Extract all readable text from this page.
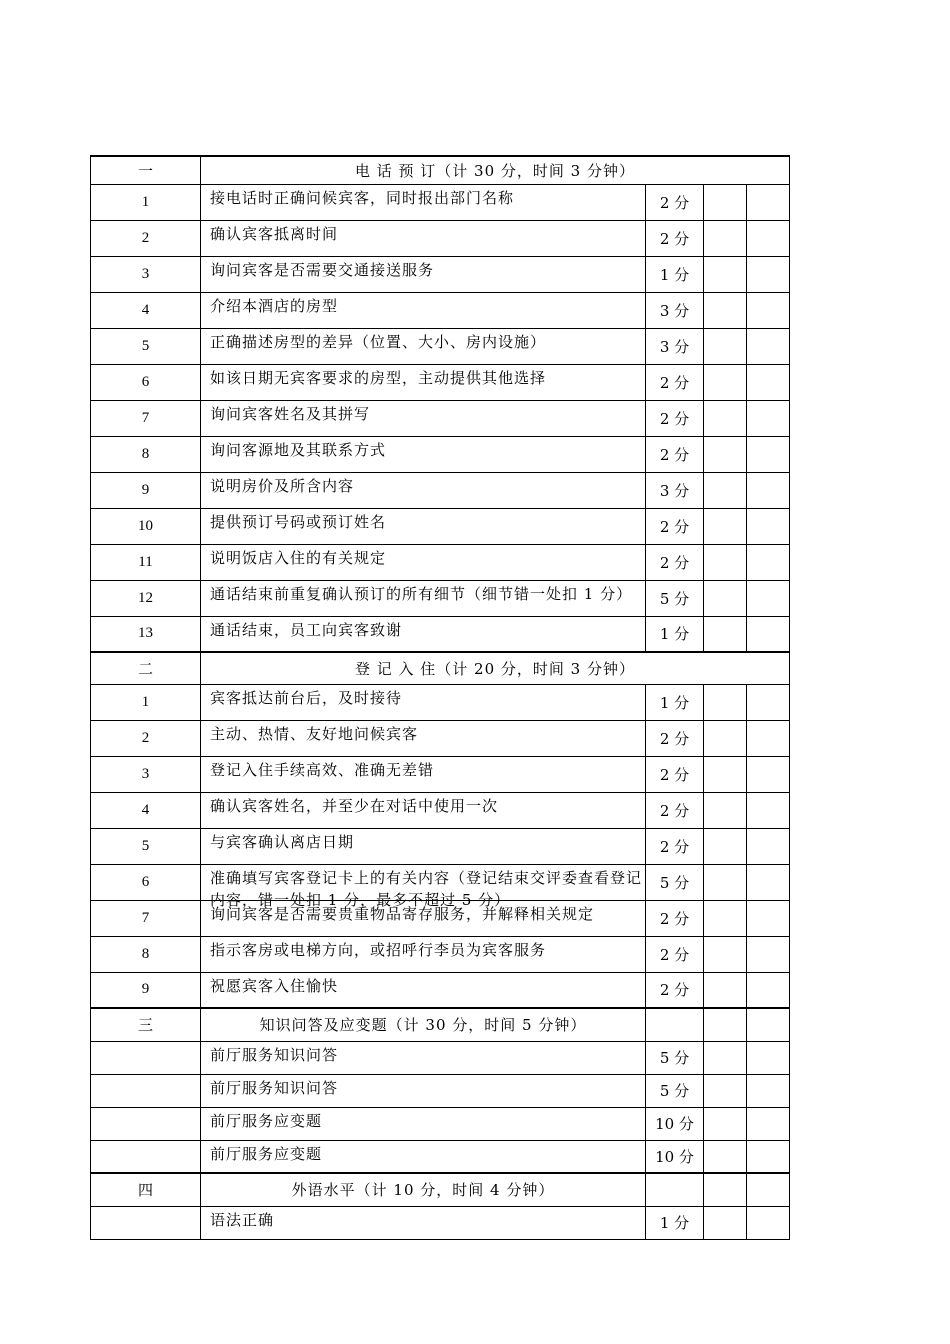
一	电 话 预 订（计 30 分，时间 3 分钟）			
1	接电话时正确问候宾客，同时报出部门名称	2 分		
2	确认宾客抵离时间	2 分		
3	询问宾客是否需要交通接送服务	1 分		
4	介绍本酒店的房型	3 分		
5	正确描述房型的差异（位置、大小、房内设施）	3 分		
6	如该日期无宾客要求的房型，主动提供其他选择	2 分		
7	询问宾客姓名及其拼写	2 分		
8	询问客源地及其联系方式	2 分		
9	说明房价及所含内容	3 分		
10	提供预订号码或预订姓名	2 分		
11	说明饭店入住的有关规定	2 分		
12	通话结束前重复确认预订的所有细节（细节错一处扣 1 分）	5 分		
13	通话结束，员工向宾客致谢	1 分		
二	登 记 入 住（计 20 分，时间 3 分钟）			
1	宾客抵达前台后，及时接待	1 分		
2	主动、热情、友好地问候宾客	2 分		
3	登记入住手续高效、准确无差错	2 分		
4	确认宾客姓名，并至少在对话中使用一次	2 分		
5	与宾客确认离店日期	2 分		
6	准确填写宾客登记卡上的有关内容（登记结束交评委查看登记内容，错一处扣 1 分，最多不超过 5 分）	5 分		
7	询问宾客是否需要贵重物品寄存服务，并解释相关规定	2 分		
8	指示客房或电梯方向，或招呼行李员为宾客服务	2 分		
9	祝愿宾客入住愉快	2 分		
三	知识问答及应变题（计 30 分，时间 5 分钟）			

	前厅服务知识问答	5 分		

	前厅服务知识问答	5 分		

	前厅服务应变题	10 分		

	前厅服务应变题	10 分		
四	外语水平（计 10 分，时间 4 分钟）			

	语法正确	1 分		
